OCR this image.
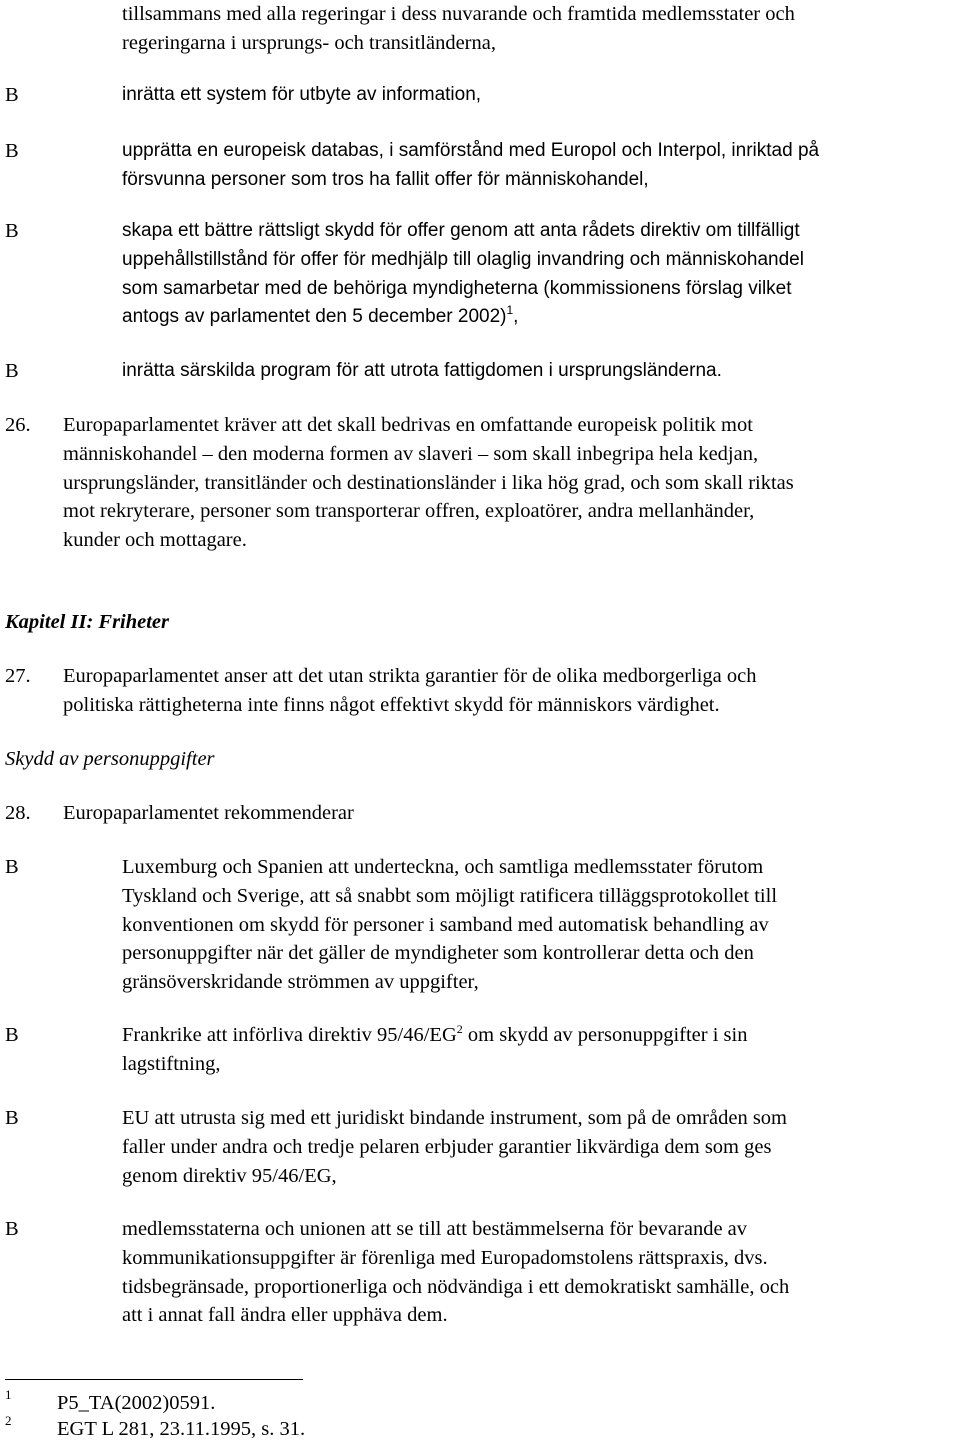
tillsammans med alla regeringar i dess nuvarande och framtida medlemsstater och
regeringarna i ursprungs- och transitländerna,
B	inrätta ett system för utbyte av information,
B	upprätta en europeisk databas, i samförstånd med Europol och Interpol, inriktad på
försvunna personer som tros ha fallit offer för människohandel,
B	skapa ett bättre rättsligt skydd för offer genom att anta rådets direktiv om tillfälligt
uppehållstillstånd för offer för medhjälp till olaglig invandring och människohandel
som samarbetar med de behöriga myndigheterna (kommissionens förslag vilket
antogs av parlamentet den 5 december 2002)$^1$,
B	inrätta särskilda program för att utrota fattigdomen i ursprungsländerna.
26. Europaparlamentet kräver att det skall bedrivas en omfattande europeisk politik mot
människohandel – den moderna formen av slaveri – som skall inbegripa hela kedjan,
ursprungsländer, transitländer och destinationsländer i lika hög grad, och som skall riktas
mot rekryterare, personer som transporterar offren, exploatörer, andra mellanhänder,
kunder och mottagare.
Kapitel II: Friheter
27. Europaparlamentet anser att det utan strikta garantier för de olika medborgerliga och
politiska rättigheterna inte finns något effektivt skydd för människors värdighet.
Skydd av personuppgifter
28. Europaparlamentet rekommenderar
B	Luxemburg och Spanien att underteckna, och samtliga medlemsstater förutom
Tyskland och Sverige, att så snabbt som möjligt ratificera tilläggsprotokollet till
konventionen om skydd för personer i samband med automatisk behandling av
personuppgifter när det gäller de myndigheter som kontrollerar detta och den
gränsöverskridande strömmen av uppgifter,
B	Frankrike att införliva direktiv $95/46/EG^2$ om skydd av personuppgifter i sin
lagstiftning,
B	EU att utrusta sig med ett juridiskt bindande instrument, som på de områden som
faller under andra och tredje pelaren erbjuder garantier likvärdiga dem som ges
genom direktiv 95/46/EG,
B	medlemsstaterna och unionen att se till att bestämmelserna för bevarande av
kommunikationsuppgifter är förenliga med Europadomstolens rättspraxis, dvs.
tidsbegränsade, proportionerliga och nödvändiga i ett demokratiskt samhälle, och
att i annat fall ändra eller upphäva dem.
1 P5_TA(2002)0591.
2 EGT L 281, 23.11.1995, s. 31.
